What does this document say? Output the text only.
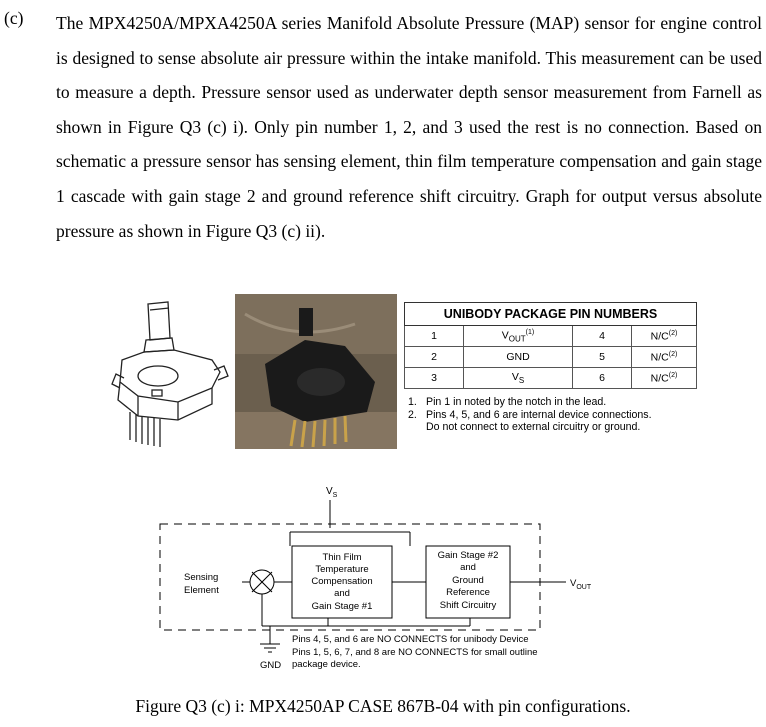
(c) The MPX4250A/MPXA4250A series Manifold Absolute Pressure (MAP) sensor for engine control is designed to sense absolute air pressure within the intake manifold. This measurement can be used to measure a depth. Pressure sensor used as underwater depth sensor measurement from Farnell as shown in Figure Q3 (c) i). Only pin number 1, 2, and 3 used the rest is no connection. Based on schematic a pressure sensor has sensing element, thin film temperature compensation and gain stage 1 cascade with gain stage 2 and ground reference shift circuitry. Graph for output versus absolute pressure as shown in Figure Q3 (c) ii).

UNIBODY PACKAGE PIN NUMBERS			
1	$V_{OUT}^{(1)}$	4	$N/C^{(2)}$
2	GND	5	$N/C^{(2)}$
3	$V_S$	6	$N/C^{(2)}$
1. Pin 1 in noted by the notch in the lead.
2. Pins 4, 5, and 6 are internal device connections. Do not connect to external circuitry or ground.
$V_S$
Sensing
Element
Thin Film
Temperature
Compensation
and
Gain Stage #1
Gain Stage #2
and
Ground
Reference
Shift Circuitry
$V_{OUT}$
GND
Pins 4, 5, and 6 are NO CONNECTS for unibody Device
Pins 1, 5, 6, 7, and 8 are NO CONNECTS for small outline
package device.
Figure Q3 (c) i: MPX4250AP CASE 867B-04 with pin configurations.
